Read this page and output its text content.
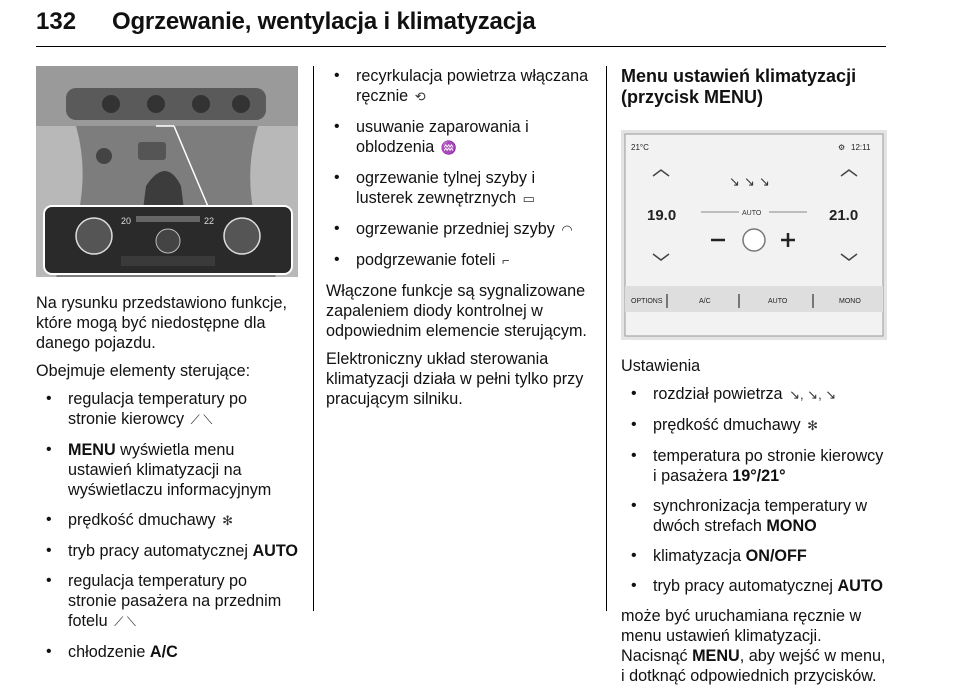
132 Ogrzewanie, wentylacja i klimatyzacja
20	22

Na rysunku przedstawiono funkcje, które mogą być niedostępne dla danego pojazdu.

Obejmuje elementy sterujące:

• regulacja temperatury po stronie kierowcy ⟋ ⟍
• MENU wyświetla menu ustawień klimatyzacji na wyświetlaczu informacyjnym
• prędkość dmuchawy ✻
• tryb pracy automatycznej AUTO
• regulacja temperatury po stronie pasażera na przednim fotelu ⟋ ⟍
• chłodzenie A/C
• recyrkulacja powietrza włączana ręcznie ⟲
• usuwanie zaparowania i oblodzenia ♒
• ogrzewanie tylnej szyby i lusterek zewnętrznych ▭
• ogrzewanie przedniej szyby ◠
• podgrzewanie foteli ⌐

Włączone funkcje są sygnalizowane zapaleniem diody kontrolnej w odpowiednim elemencie sterującym.

Elektroniczny układ sterowania klimatyzacji działa w pełni tylko przy pracującym silniku.

Menu ustawień klimatyzacji (przycisk MENU)

21°C	12:11
⚙
19.0	21.0
↘ ↘ ↘
AUTO
OPTIONS	A/C	AUTO	MONO

Ustawienia

• rozdział powietrza ↘, ↘, ↘
• prędkość dmuchawy ✻
• temperatura po stronie kierowcy i pasażera 19°/21°
• synchronizacja temperatury w dwóch strefach MONO
• klimatyzacja ON/OFF
• tryb pracy automatycznej AUTO

może być uruchamiana ręcznie w menu ustawień klimatyzacji.

Nacisnąć MENU, aby wejść w menu, i dotknąć odpowiednich przycisków.
